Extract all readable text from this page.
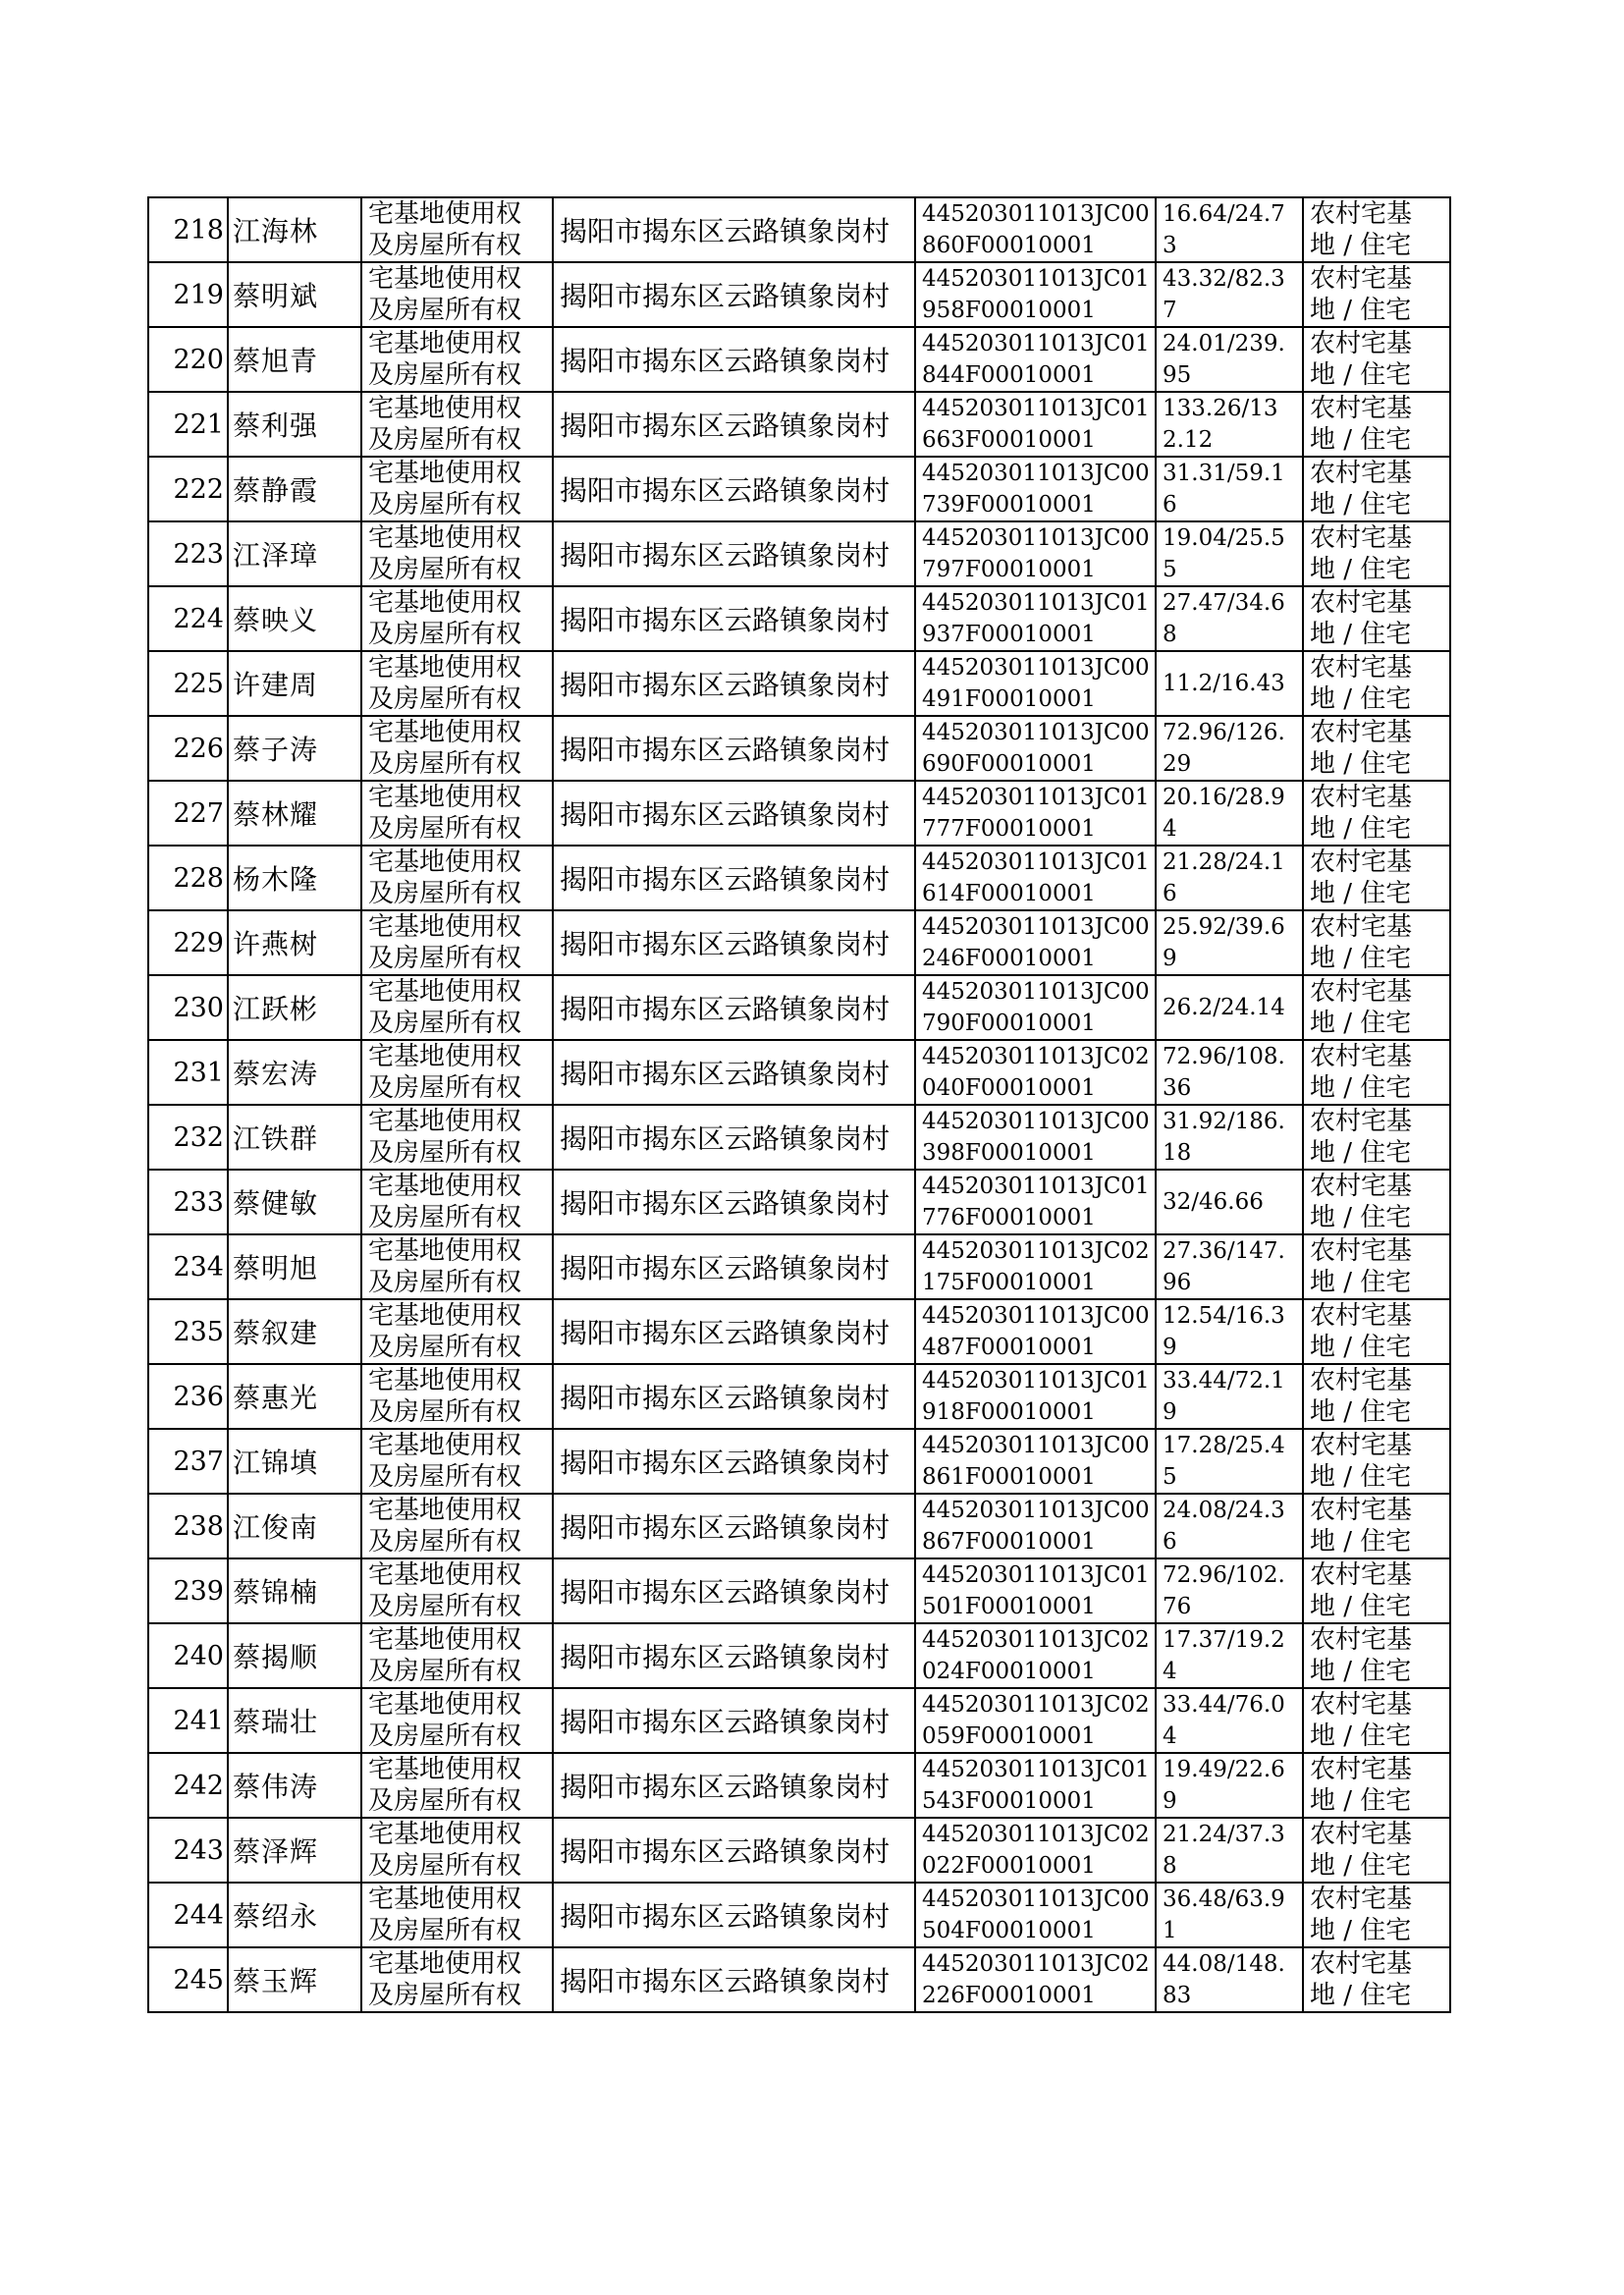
218	江海林	宅基地使用权
及房屋所有权	揭阳市揭东区云路镇象岗村	445203011013JC00
860F00010001	16.64/24.73	农村宅基
地 / 住宅

219	蔡明斌	宅基地使用权
及房屋所有权	揭阳市揭东区云路镇象岗村	445203011013JC01
958F00010001	43.32/82.37	农村宅基
地 / 住宅

220	蔡旭青	宅基地使用权
及房屋所有权	揭阳市揭东区云路镇象岗村	445203011013JC01
844F00010001	24.01/239.95	农村宅基
地 / 住宅

221	蔡利强	宅基地使用权
及房屋所有权	揭阳市揭东区云路镇象岗村	445203011013JC01
663F00010001	133.26/132.12	农村宅基
地 / 住宅

222	蔡静霞	宅基地使用权
及房屋所有权	揭阳市揭东区云路镇象岗村	445203011013JC00
739F00010001	31.31/59.16	农村宅基
地 / 住宅

223	江泽璋	宅基地使用权
及房屋所有权	揭阳市揭东区云路镇象岗村	445203011013JC00
797F00010001	19.04/25.55	农村宅基
地 / 住宅

224	蔡映义	宅基地使用权
及房屋所有权	揭阳市揭东区云路镇象岗村	445203011013JC01
937F00010001	27.47/34.68	农村宅基
地 / 住宅

225	许建周	宅基地使用权
及房屋所有权	揭阳市揭东区云路镇象岗村	445203011013JC00
491F00010001	11.2/16.43	农村宅基
地 / 住宅

226	蔡子涛	宅基地使用权
及房屋所有权	揭阳市揭东区云路镇象岗村	445203011013JC00
690F00010001	72.96/126.29	农村宅基
地 / 住宅

227	蔡林耀	宅基地使用权
及房屋所有权	揭阳市揭东区云路镇象岗村	445203011013JC01
777F00010001	20.16/28.94	农村宅基
地 / 住宅

228	杨木隆	宅基地使用权
及房屋所有权	揭阳市揭东区云路镇象岗村	445203011013JC01
614F00010001	21.28/24.16	农村宅基
地 / 住宅

229	许燕树	宅基地使用权
及房屋所有权	揭阳市揭东区云路镇象岗村	445203011013JC00
246F00010001	25.92/39.69	农村宅基
地 / 住宅

230	江跃彬	宅基地使用权
及房屋所有权	揭阳市揭东区云路镇象岗村	445203011013JC00
790F00010001	26.2/24.14	农村宅基
地 / 住宅

231	蔡宏涛	宅基地使用权
及房屋所有权	揭阳市揭东区云路镇象岗村	445203011013JC02
040F00010001	72.96/108.36	农村宅基
地 / 住宅

232	江铁群	宅基地使用权
及房屋所有权	揭阳市揭东区云路镇象岗村	445203011013JC00
398F00010001	31.92/186.18	农村宅基
地 / 住宅

233	蔡健敏	宅基地使用权
及房屋所有权	揭阳市揭东区云路镇象岗村	445203011013JC01
776F00010001	32/46.66	农村宅基
地 / 住宅

234	蔡明旭	宅基地使用权
及房屋所有权	揭阳市揭东区云路镇象岗村	445203011013JC02
175F00010001	27.36/147.96	农村宅基
地 / 住宅

235	蔡叙建	宅基地使用权
及房屋所有权	揭阳市揭东区云路镇象岗村	445203011013JC00
487F00010001	12.54/16.39	农村宅基
地 / 住宅

236	蔡惠光	宅基地使用权
及房屋所有权	揭阳市揭东区云路镇象岗村	445203011013JC01
918F00010001	33.44/72.19	农村宅基
地 / 住宅

237	江锦填	宅基地使用权
及房屋所有权	揭阳市揭东区云路镇象岗村	445203011013JC00
861F00010001	17.28/25.45	农村宅基
地 / 住宅

238	江俊南	宅基地使用权
及房屋所有权	揭阳市揭东区云路镇象岗村	445203011013JC00
867F00010001	24.08/24.36	农村宅基
地 / 住宅

239	蔡锦楠	宅基地使用权
及房屋所有权	揭阳市揭东区云路镇象岗村	445203011013JC01
501F00010001	72.96/102.76	农村宅基
地 / 住宅

240	蔡揭顺	宅基地使用权
及房屋所有权	揭阳市揭东区云路镇象岗村	445203011013JC02
024F00010001	17.37/19.24	农村宅基
地 / 住宅

241	蔡瑞壮	宅基地使用权
及房屋所有权	揭阳市揭东区云路镇象岗村	445203011013JC02
059F00010001	33.44/76.04	农村宅基
地 / 住宅

242	蔡伟涛	宅基地使用权
及房屋所有权	揭阳市揭东区云路镇象岗村	445203011013JC01
543F00010001	19.49/22.69	农村宅基
地 / 住宅

243	蔡泽辉	宅基地使用权
及房屋所有权	揭阳市揭东区云路镇象岗村	445203011013JC02
022F00010001	21.24/37.38	农村宅基
地 / 住宅

244	蔡绍永	宅基地使用权
及房屋所有权	揭阳市揭东区云路镇象岗村	445203011013JC00
504F00010001	36.48/63.91	农村宅基
地 / 住宅

245	蔡玉辉	宅基地使用权
及房屋所有权	揭阳市揭东区云路镇象岗村	445203011013JC02
226F00010001	44.08/148.83	农村宅基
地 / 住宅
